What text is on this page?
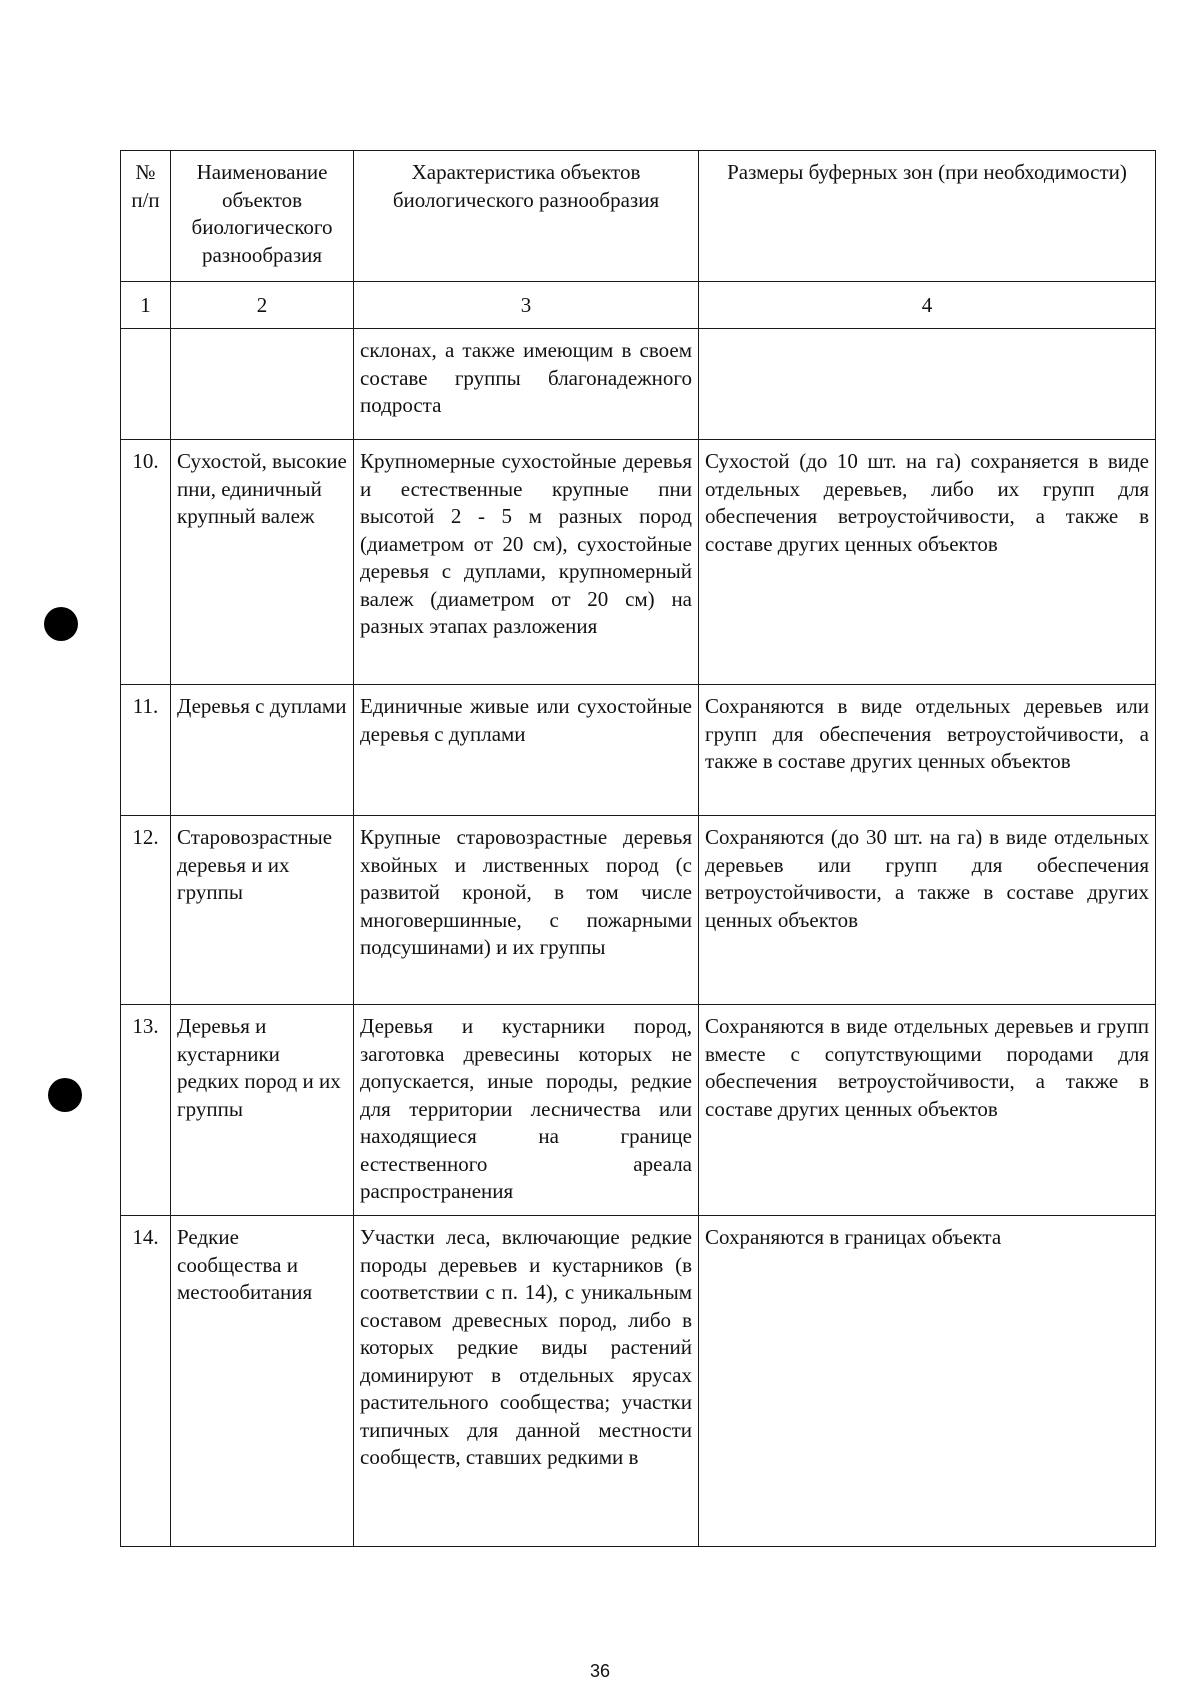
№ п/п	Наименование объектов биологического разнообразия	Характеристика объектов биологического разнообразия	Размеры буферных зон (при необходимости)
1	2	3	4
		склонах, а также имеющим в своем составе группы благонадежного подроста	
10.	Сухостой, высокие пни, единичный крупный валеж	Крупномерные сухостойные деревья и естественные крупные пни высотой 2 - 5 м разных пород (диаметром от 20 см), сухостойные деревья с дуплами, крупномерный валеж (диаметром от 20 см) на разных этапах разложения	Сухостой (до 10 шт. на га) сохраняется в виде отдельных деревьев, либо их групп для обеспечения ветроустойчивости, а также в составе других ценных объектов
11.	Деревья с дуплами	Единичные живые или сухостойные деревья с дуплами	Сохраняются в виде отдельных деревьев или групп для обеспечения ветроустойчивости, а также в составе других ценных объектов
12.	Старовозрастные деревья и их группы	Крупные старовозрастные деревья хвойных и лиственных пород (с развитой кроной, в том числе многовершинные, с пожарными подсушинами) и их группы	Сохраняются (до 30 шт. на га) в виде отдельных деревьев или групп для обеспечения ветроустойчивости, а также в составе других ценных объектов
13.	Деревья и кустарники редких пород и их группы	Деревья и кустарники пород, заготовка древесины которых не допускается, иные породы, редкие для территории лесничества или находящиеся на границе естественного ареала распространения	Сохраняются в виде отдельных деревьев и групп вместе с сопутствующими породами для обеспечения ветроустойчивости, а также в составе других ценных объектов
14.	Редкие сообщества и местообитания	Участки леса, включающие редкие породы деревьев и кустарников (в соответствии с п. 14), с уникальным составом древесных пород, либо в которых редкие виды растений доминируют в отдельных ярусах растительного сообщества; участки типичных для данной местности сообществ, ставших редкими в	Сохраняются в границах объекта
36
